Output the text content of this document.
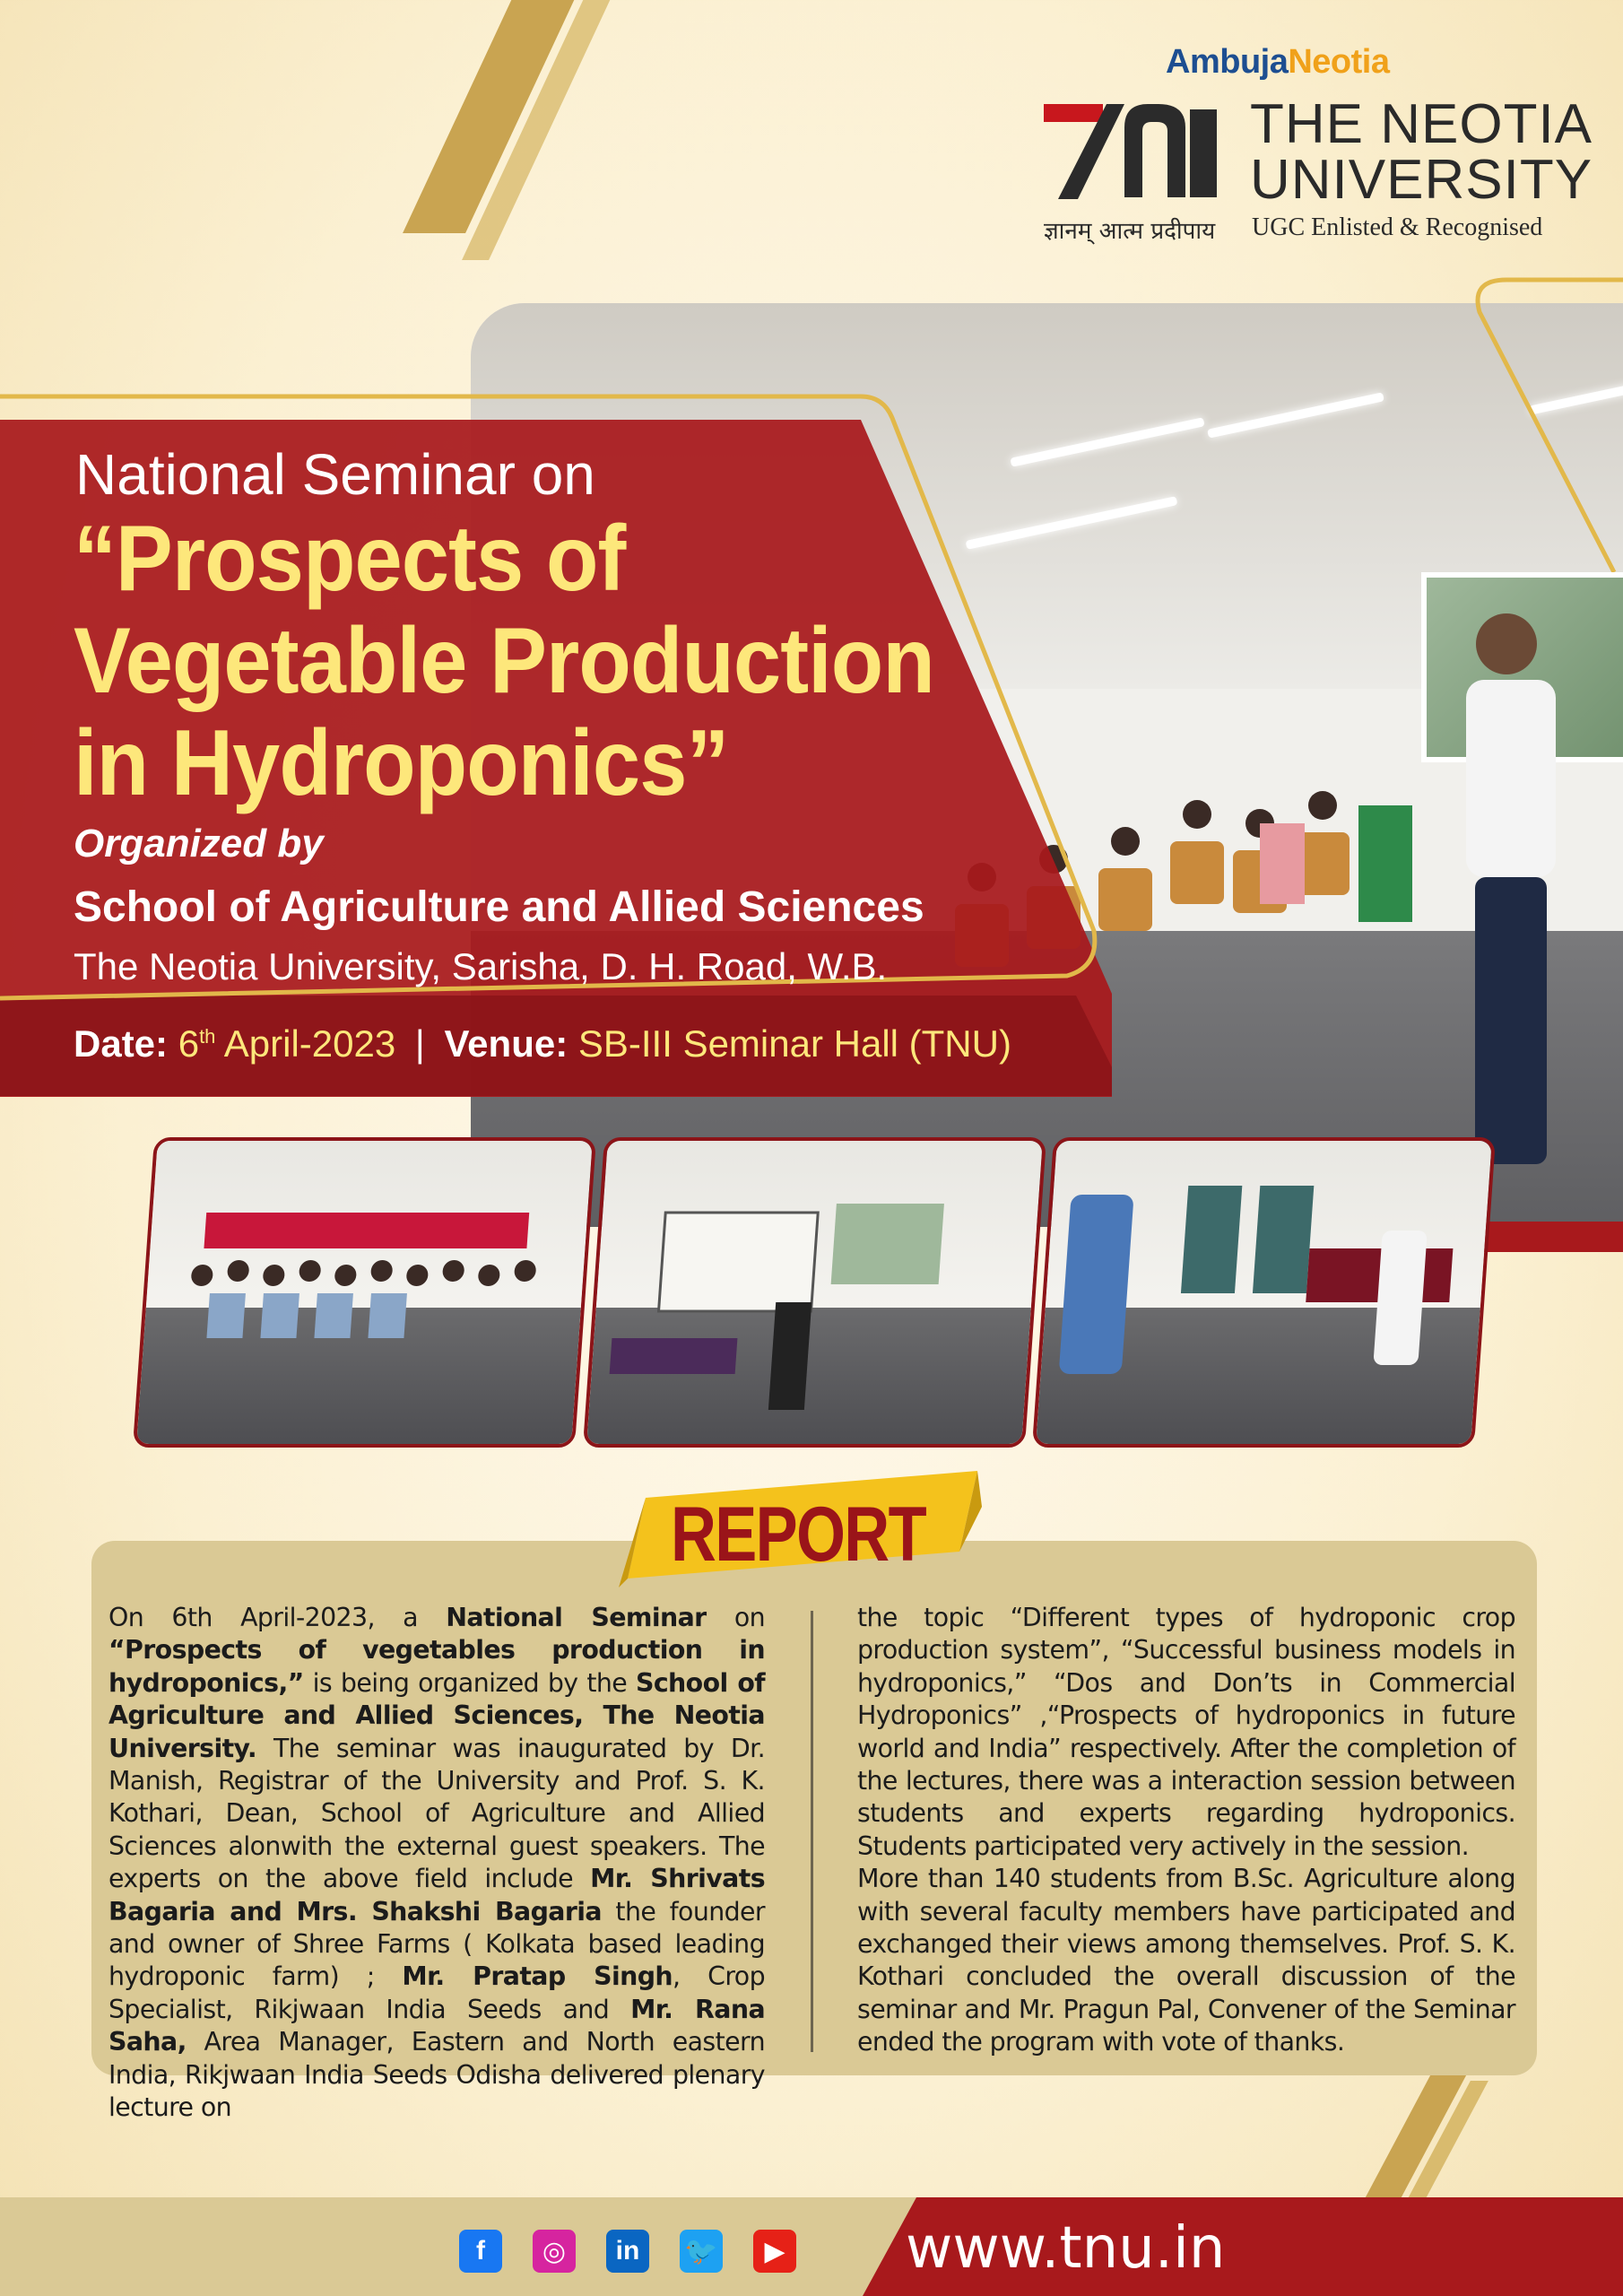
AmbujaNeotia
THE NEOTIA
UNIVERSITY
ज्ञानम् आत्म प्रदीपाय UGC Enlisted & Recognised
National Seminar on
“Prospects of
Vegetable Production
in Hydroponics”
Organized by
School of Agriculture and Allied Sciences
The Neotia University, Sarisha, D. H. Road, W.B.
Date: 6th April-2023 | Venue: SB-III Seminar Hall (TNU)
REPORT
On 6th April-2023, a National Seminar on “Prospects of vegetables production in hydroponics,” is being organized by the School of Agriculture and Allied Sciences, The Neotia University. The seminar was inaugurated by Dr. Manish, Registrar of the University and Prof. S. K. Kothari, Dean, School of Agriculture and Allied Sciences alonwith the external guest speakers. The experts on the above field include Mr. Shrivats Bagaria and Mrs. Shakshi Bagaria the founder and owner of Shree Farms ( Kolkata based leading hydroponic farm) ; Mr. Pratap Singh, Crop Specialist, Rikjwaan India Seeds and Mr. Rana Saha, Area Manager, Eastern and North eastern India, Rikjwaan India Seeds Odisha delivered plenary lecture on
the topic “Different types of hydroponic crop production system”, “Successful business models in hydroponics,” “Dos and Don’ts in Commercial Hydroponics” ,“Prospects of hydroponics in future world and India” respectively. After the completion of the lectures, there was a interaction session between students and experts regarding hydroponics. Students participated very actively in the session.
More than 140 students from B.Sc. Agriculture along with several faculty members have participated and exchanged their views among themselves. Prof. S. K. Kothari concluded the overall discussion of the seminar and Mr. Pragun Pal, Convener of the Seminar ended the program with vote of thanks.
f	◎	in	🐦	▶ www.tnu.in
